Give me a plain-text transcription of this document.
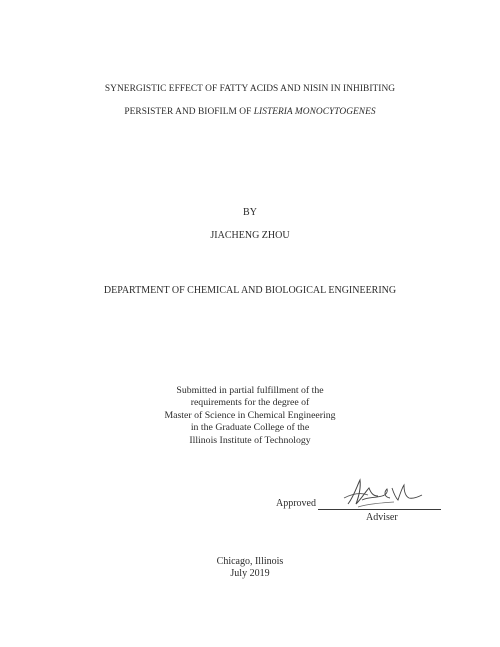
SYNERGISTIC EFFECT OF FATTY ACIDS AND NISIN IN INHIBITING
PERSISTER AND BIOFILM OF LISTERIA MONOCYTOGENES
BY
JIACHENG ZHOU
DEPARTMENT OF CHEMICAL AND BIOLOGICAL ENGINEERING
Submitted in partial fulfillment of the
requirements for the degree of
Master of Science in Chemical Engineering
in the Graduate College of the
Illinois Institute of Technology
Approved
Adviser
Chicago, Illinois
July 2019
